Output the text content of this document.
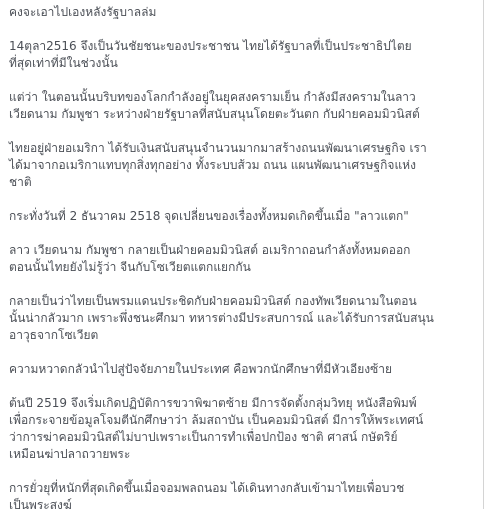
คงจะเอาไปเองหลังรัฐบาลล่ม

14ตุลา2516 จึงเป็นวันชัยชนะของประชาชน ไทยได้รัฐบาลที่เป็นประชาธิปไตย
ที่สุดเท่าที่มีในช่วงนั้น

แต่ว่า ในตอนนั้นบริบทของโลกกำลังอยู่ในยุคสงครามเย็น กำลังมีสงครามในลาว
เวียดนาม กัมพูชา ระหว่างฝ่ายรัฐบาลที่สนับสนุนโดยตะวันตก กับฝ่ายคอมมิวนิสต์

ไทยอยู่ฝ่ายอเมริกา ได้รับเงินสนับสนุนจำนวนมากมาสร้างถนนพัฒนาเศรษฐกิจ เรา
ได้มาจากอเมริกาแทบทุกสิ่งทุกอย่าง ทั้งระบบส้วม ถนน แผนพัฒนาเศรษฐกิจแห่ง
ชาติ

กระทั่งวันที่ 2 ธันวาคม 2518 จุดเปลี่ยนของเรื่องทั้งหมดเกิดขึ้นเมื่อ "ลาวแตก"

ลาว เวียดนาม กัมพูชา กลายเป็นฝ่ายคอมมิวนิสต์ อเมริกาถอนกำลังทั้งหมดออก
ตอนนั้นไทยยังไม่รู้ว่า จีนกับโซเวียตแตกแยกกัน

กลายเป็นว่าไทยเป็นพรมแดนประชิดกับฝ่ายคอมมิวนิสต์ กองทัพเวียดนามในตอน
นั้นน่ากลัวมาก เพราะพึ่งชนะศึกมา ทหารต่างมีประสบการณ์ และได้รับการสนับสนุน
อาวุธจากโซเวียต

ความหวาดกลัวนำไปสู่ปัจจัยภายในประเทศ คือพวกนักศึกษาที่มีหัวเอียงซ้าย

ต้นปี 2519 จึงเริ่มเกิดปฏิบัติการขวาพิฆาตซ้าย มีการจัดตั้งกลุ่มวิทยุ หนังสือพิมพ์
เพื่อกระจายข้อมูลโจมตีนักศึกษาว่า ล้มสถาบัน เป็นคอมมิวนิสต์ มีการให้พระเทศน์
ว่าการฆ่าคอมมิวนิสต์ไม่บาปเพราะเป็นการทำเพื่อปกป้อง ชาติ ศาสน์ กษัตริย์
เหมือนฆ่าปลาถวายพระ

การยั่วยุที่หนักที่สุดเกิดขึ้นเมื่อจอมพลถนอม ได้เดินทางกลับเข้ามาไทยเพื่อบวช
เป็นพระสงฆ์
